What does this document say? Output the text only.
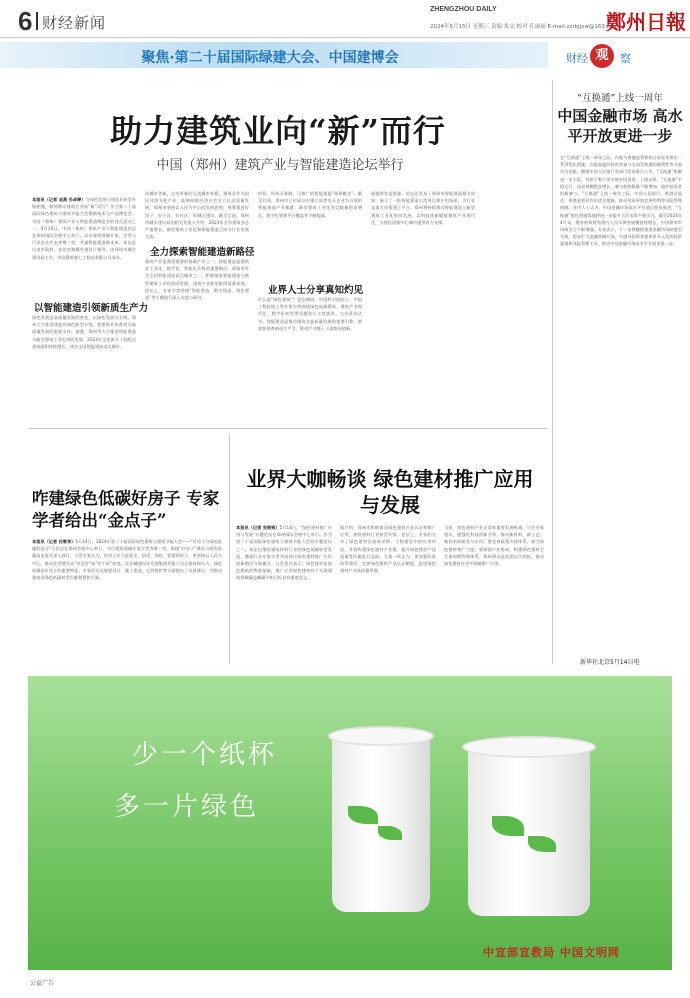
6 财经新闻
ZHENGZHOU DAILY
2024年5月15日 星期三 责编 朱文 校对 孔丽丽 E-mail:zzrbjjxw@163.com
鄭州日報
聚焦·第二十届国际绿建大会、中国建博会	财经 观	察
助力建筑业向“新”而行
中国（郑州）建筑产业与智能建造论坛举行
本报讯（记者 成燕 孙卓婷）当绿色发展与建筑业转型升级相遇，如何推动建筑行业向“新”而行？作为第二十届国际绿色建筑与建筑节能大会暨新技术与产品博览会、中国（郑州）建筑产业与智能建造博览会的亮点活动之一，5月14日，中国（郑州）建筑产业与智能建造论坛在郑州国际会展中心举行。众多建筑领域专家、学者与行业企业代表齐聚一堂，共谋智能建造新未来。本次论坛由市政府、省住房和城乡建设厅指导，由郑州市城乡建设局主办，中国建筑第七工程局有限公司承办。
以智能建造引领新质生产力
绿色发展是高质量发展的底色，以绿色发展为主线，郑州大力推进建筑业绿色转型升级，把建筑业培育成为高质量发展的重要支柱。据悉，郑州市大力推进智能建造与新型建筑工业化协同发展，2023年全市新开工装配式建筑面积持续增长，成为全国智能建造试点城市。
动城市更新，点亮更新的示范城市样板。建筑业作为国民经济支柱产业，能够助推经济社会全方位高质量发展。郑州市坚持以人民为中心的发展思想，统筹推进好房子、好小区、好社区、好城区建设。截至目前，郑州市城乡建设局的相关负责人介绍，2023年全市建筑业总产值增长，新型建筑工业化和智能建造已成为行业发展主流。
全力探索智能建造新路径
建筑产业是我国重要的基础产业之一，智能建造是建筑业工业化、数字化、智能化升级的重要路径。郑州市作为全国智能建造试点城市之一，积极推进智能建造与新型建筑工业化协同发展，建筑产业转型取得显著成效。论坛上，专家学者围绕“智能建造、数字建造、绿色建造”等主题进行深入交流与研讨。
经验，形成可复制、可推广的智能建造“郑州模式”。截至目前，郑州市已形成以中建七局等龙头企业为引领的智能建造产业集群，新型建筑工业化项目数量稳步增长，数字化管理平台覆盖率不断提高。
业界人士分享真知灼见
什么是“绿色建筑”？论坛期间，中国科学院院士、中国工程院院士等专家学者围绕绿色低碳建筑、建筑产业现代化、数字化转型等话题进行主旨演讲。与会嘉宾认为，智能建造是推动建筑业高质量发展的重要引擎，要加快培育新质生产力，推动产业链上下游协同创新。
展提供有益借鉴。论坛还发布了郑州市智能建造相关成果，展示了一批智能建造示范项目和应用场景，为行业交流合作搭建了平台。郑州将持续推动智能建造与新型建筑工业化协同发展，以科技创新赋能建筑产业现代化，为建设国家中心城市提供有力支撑。
咋建绿色低碳好房子 专家学者给出“金点子”
本报讯（记者 孙雪李）5月14日，2024年第二十届国际绿色建筑与建筑节能大会——“好房子与绿色低碳科技分”分论坛在郑州会展中心举行，多位建筑领域专家学者齐聚一堂，围绕“好房子”建设与绿色低碳技术展开深入探讨。与会专家认为，好房子应当是安全、舒适、绿色、智慧的房子，要坚持以人民为中心，推动住房建设从“有没有”向“好不好”转变。北京城建设计发展集团有限公司总建筑师认为，绿色低碳是好房子的重要特征。专家们还从规划设计、施工建造、运营维护等方面提出了具体建议，为推动建筑业绿色低碳转型贡献智慧和力量。
业界大咖畅谈 绿色建材推广应用与发展
本报讯（记者 安朗致）5月14日，“绿色建材推广应用与发展”专题论坛在郑州国际会展中心举行。作为第二十届国际绿色建筑与建筑节能大会的专题论坛之一，该论坛聚焦建筑材料行业的绿色低碳转型发展，邀请行业专家学者共同探讨绿色建材推广应用的新路径与新模式。与会嘉宾表示，绿色建材是绿色建筑的物质基础，推广应用绿色建材对于实现建筑领域碳达峰碳中和目标具有重要意义。
据介绍，郑州市积极推动绿色建材产品认证和推广应用，加快建材行业转型升级。论坛上，专家们分享了绿色建材在政府采购、工程建设中的应用经验，并就构建绿色建材产业链、提升绿色建材产品质量等问题进行交流。大家一致认为，要加强标准体系建设，完善绿色建材产品认证制度，促进绿色建材产业高质量发展。
当前，绿色建材产业正迎来重要发展机遇。与会专家建议，要强化科技创新引领，推动新材料、新工艺、新技术的研发与应用；要完善政策支持体系，加大绿色建材推广力度；要加强产业协同，构建绿色建材全生命周期管理体系。郑州将以此次论坛为契机，推动绿色建材在更多领域推广应用。
“互换通”上线一周年
中国金融市场 高水平开放更进一步
在“互换通”上线一周年之际，内地与香港监管机构日前宣布推出一系列优化措施，在提高境外投资者参与北向互换通的便利性等方面作出安排。随着中国人民银行等部门发布联合公告，“互换通”机制进一步丰富，有助于吸引更多境外投资者。上线以来，“互换通”平稳运行，交易规模稳步增长，参与机构数量不断增加，境外投资者积极参与。“互换通”上线一周年之际，中国人民银行、香港证监会、香港金管局宣布优化措施，推动形成更加完善的利率风险管理机制。业内人士认为，中国金融市场高水平开放正稳步推进，“互换通”优化措施落地将进一步提升人民币资产吸引力。截至2024年4月末，境外机构持有境内人民币债券规模持续增长，中国债券市场吸引力不断增强。专家表示，下一步将继续推进金融市场制度型开放，稳步扩大金融领域开放，为境外投资者提供更多元化的投资渠道和风险管理工具，推动中国金融市场高水平开放更进一步。
新华社北京5月14日电
少一个纸杯
多一片绿色
中宣部宣教局 中国文明网
公益广告
